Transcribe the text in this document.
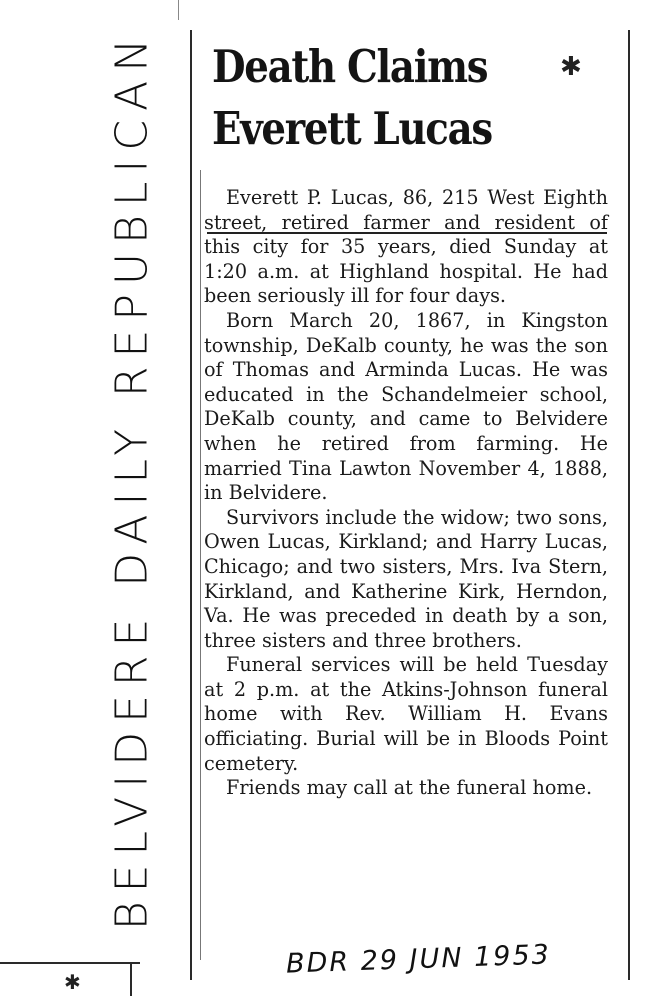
BELVIDERE DAILY REPUBLICAN Death Claims
Everett Lucas
✱

Everett P. Lucas, 86, 215 West Eighth street, retired farmer and resident of this city for 35 years, died Sunday at 1:20 a.m. at Highland hospital. He had been seriously ill for four days.

Born March 20, 1867, in Kingston township, DeKalb county, he was the son of Thomas and Arminda Lucas. He was educated in the Schandelmeier school, DeKalb county, and came to Belvidere when he retired from farming. He married Tina Lawton November 4, 1888, in Belvidere.

Survivors include the widow; two sons, Owen Lucas, Kirkland; and Harry Lucas, Chicago; and two sisters, Mrs. Iva Stern, Kirkland, and Katherine Kirk, Herndon, Va. He was preceded in death by a son, three sisters and three brothers.

Funeral services will be held Tuesday at 2 p.m. at the Atkins-Johnson funeral home with Rev. William H. Evans officiating. Burial will be in Bloods Point cemetery.

Friends may call at the funeral home.

BDR 29 JUN 1953
✱
